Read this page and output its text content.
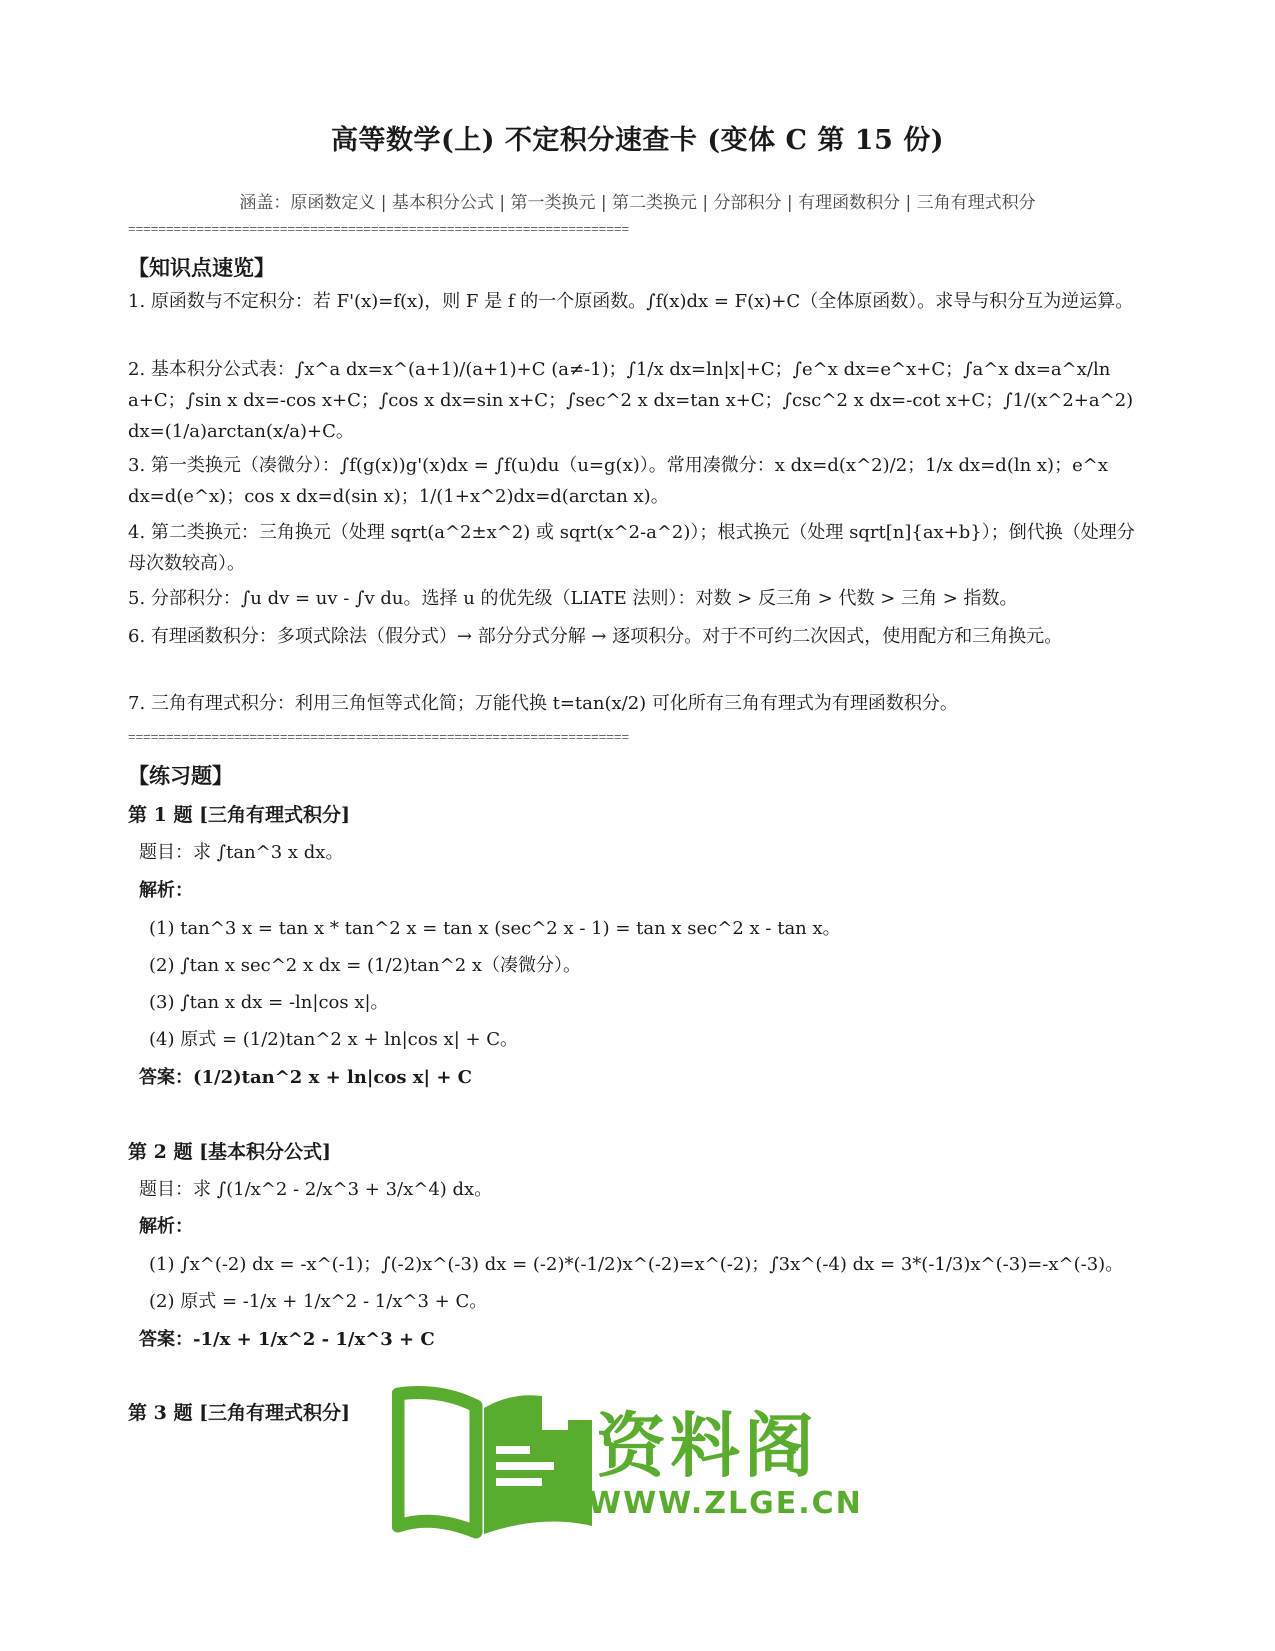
高等数学(上) 不定积分速查卡 (变体 C 第 15 份)
涵盖：原函数定义 | 基本积分公式 | 第一类换元 | 第二类换元 | 分部积分 | 有理函数积分 | 三角有理式积分
==================================================================
【知识点速览】
1. 原函数与不定积分：若 F'(x)=f(x)，则 F 是 f 的一个原函数。∫f(x)dx = F(x)+C（全体原函数）。求导与积分互为逆运算。
2. 基本积分公式表：∫x^a dx=x^(a+1)/(a+1)+C (a≠-1)；∫1/x dx=ln|x|+C；∫e^x dx=e^x+C；∫a^x dx=a^x/ln a+C；∫sin x dx=-cos x+C；∫cos x dx=sin x+C；∫sec^2 x dx=tan x+C；∫csc^2 x dx=-cot x+C；∫1/(x^2+a^2) dx=(1/a)arctan(x/a)+C。
3. 第一类换元（凑微分）：∫f(g(x))g'(x)dx = ∫f(u)du（u=g(x)）。常用凑微分：x dx=d(x^2)/2；1/x dx=d(ln x)；e^x dx=d(e^x)；cos x dx=d(sin x)；1/(1+x^2)dx=d(arctan x)。
4. 第二类换元：三角换元（处理 sqrt(a^2±x^2) 或 sqrt(x^2-a^2)）；根式换元（处理 sqrt[n]{ax+b}）；倒代换（处理分母次数较高）。
5. 分部积分：∫u dv = uv - ∫v du。选择 u 的优先级（LIATE 法则）：对数 > 反三角 > 代数 > 三角 > 指数。
6. 有理函数积分：多项式除法（假分式）→ 部分分式分解 → 逐项积分。对于不可约二次因式，使用配方和三角换元。
7. 三角有理式积分：利用三角恒等式化简；万能代换 t=tan(x/2) 可化所有三角有理式为有理函数积分。
==================================================================
【练习题】
第 1 题 [三角有理式积分]
题目：求 ∫tan^3 x dx。
解析：
(1) tan^3 x = tan x * tan^2 x = tan x (sec^2 x - 1) = tan x sec^2 x - tan x。
(2) ∫tan x sec^2 x dx = (1/2)tan^2 x（凑微分）。
(3) ∫tan x dx = -ln|cos x|。
(4) 原式 = (1/2)tan^2 x + ln|cos x| + C。
答案：(1/2)tan^2 x + ln|cos x| + C
第 2 题 [基本积分公式]
题目：求 ∫(1/x^2 - 2/x^3 + 3/x^4) dx。
解析：
(1) ∫x^(-2) dx = -x^(-1)；∫(-2)x^(-3) dx = (-2)*(-1/2)x^(-2)=x^(-2)；∫3x^(-4) dx = 3*(-1/3)x^(-3)=-x^(-3)。
(2) 原式 = -1/x + 1/x^2 - 1/x^3 + C。
答案：-1/x + 1/x^2 - 1/x^3 + C
第 3 题 [三角有理式积分]	资料阁
WWW.ZLGE.CN
